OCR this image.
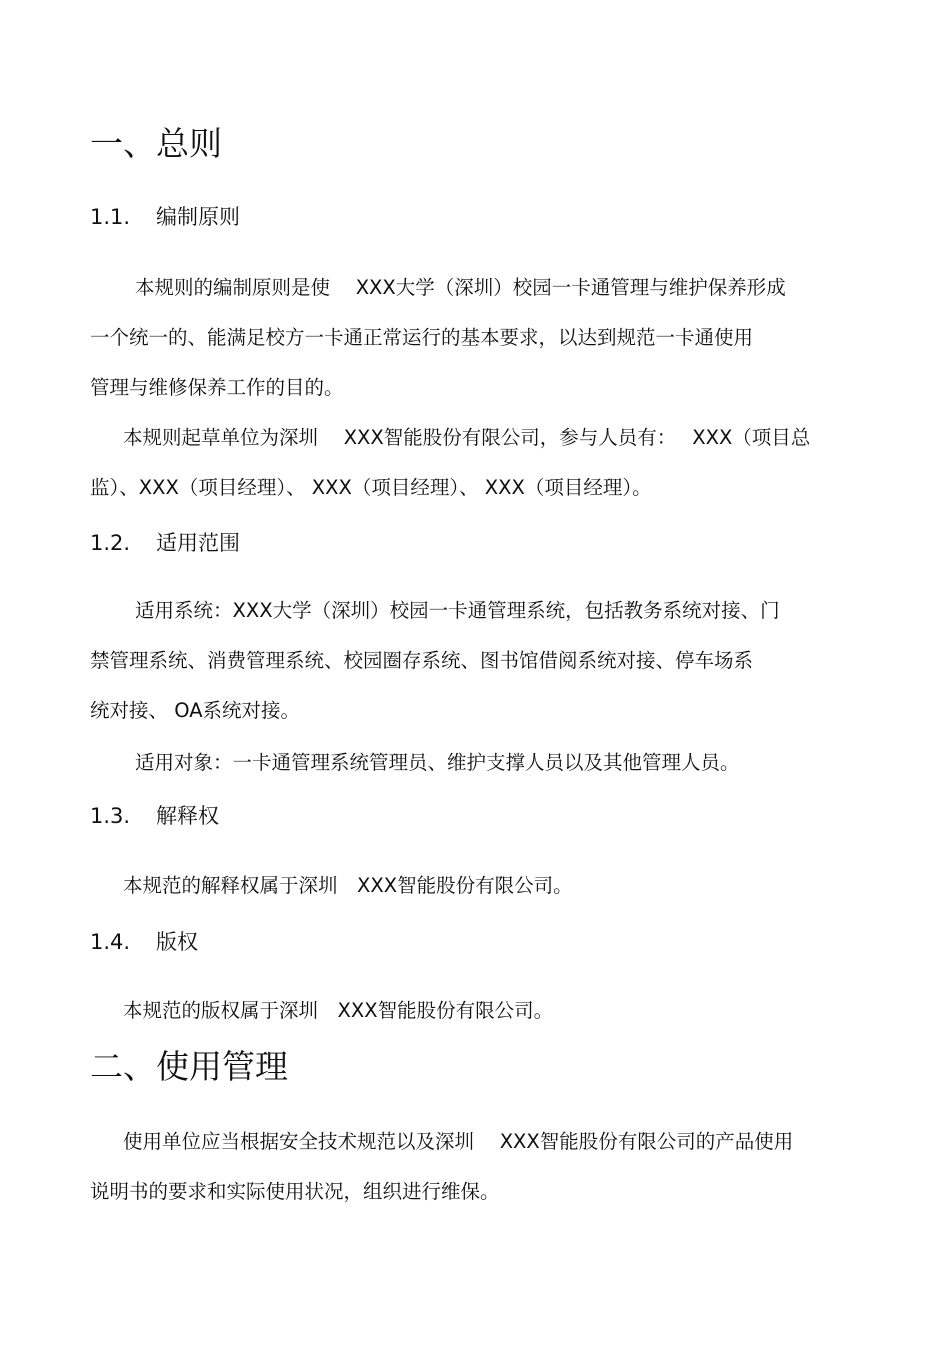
一、总则
1.1. 编制原则
本规则的编制原则是使　 XXX大学（深圳）校园一卡通管理与维护保养形成
一个统一的、能满足校方一卡通正常运行的基本要求，以达到规范一卡通使用
管理与维修保养工作的目的。
本规则起草单位为深圳　 XXX智能股份有限公司，参与人员有：　 XXX（项目总
监）、XXX（项目经理）、 XXX（项目经理）、 XXX（项目经理）。
1.2. 适用范围
适用系统：XXX大学（深圳）校园一卡通管理系统，包括教务系统对接、门
禁管理系统、消费管理系统、校园圈存系统、图书馆借阅系统对接、停车场系
统对接、 OA系统对接。
适用对象：一卡通管理系统管理员、维护支撑人员以及其他管理人员。
1.3. 解释权
本规范的解释权属于深圳　XXX智能股份有限公司。
1.4. 版权
本规范的版权属于深圳　XXX智能股份有限公司。
二、使用管理
使用单位应当根据安全技术规范以及深圳　 XXX智能股份有限公司的产品使用
说明书的要求和实际使用状况，组织进行维保。
